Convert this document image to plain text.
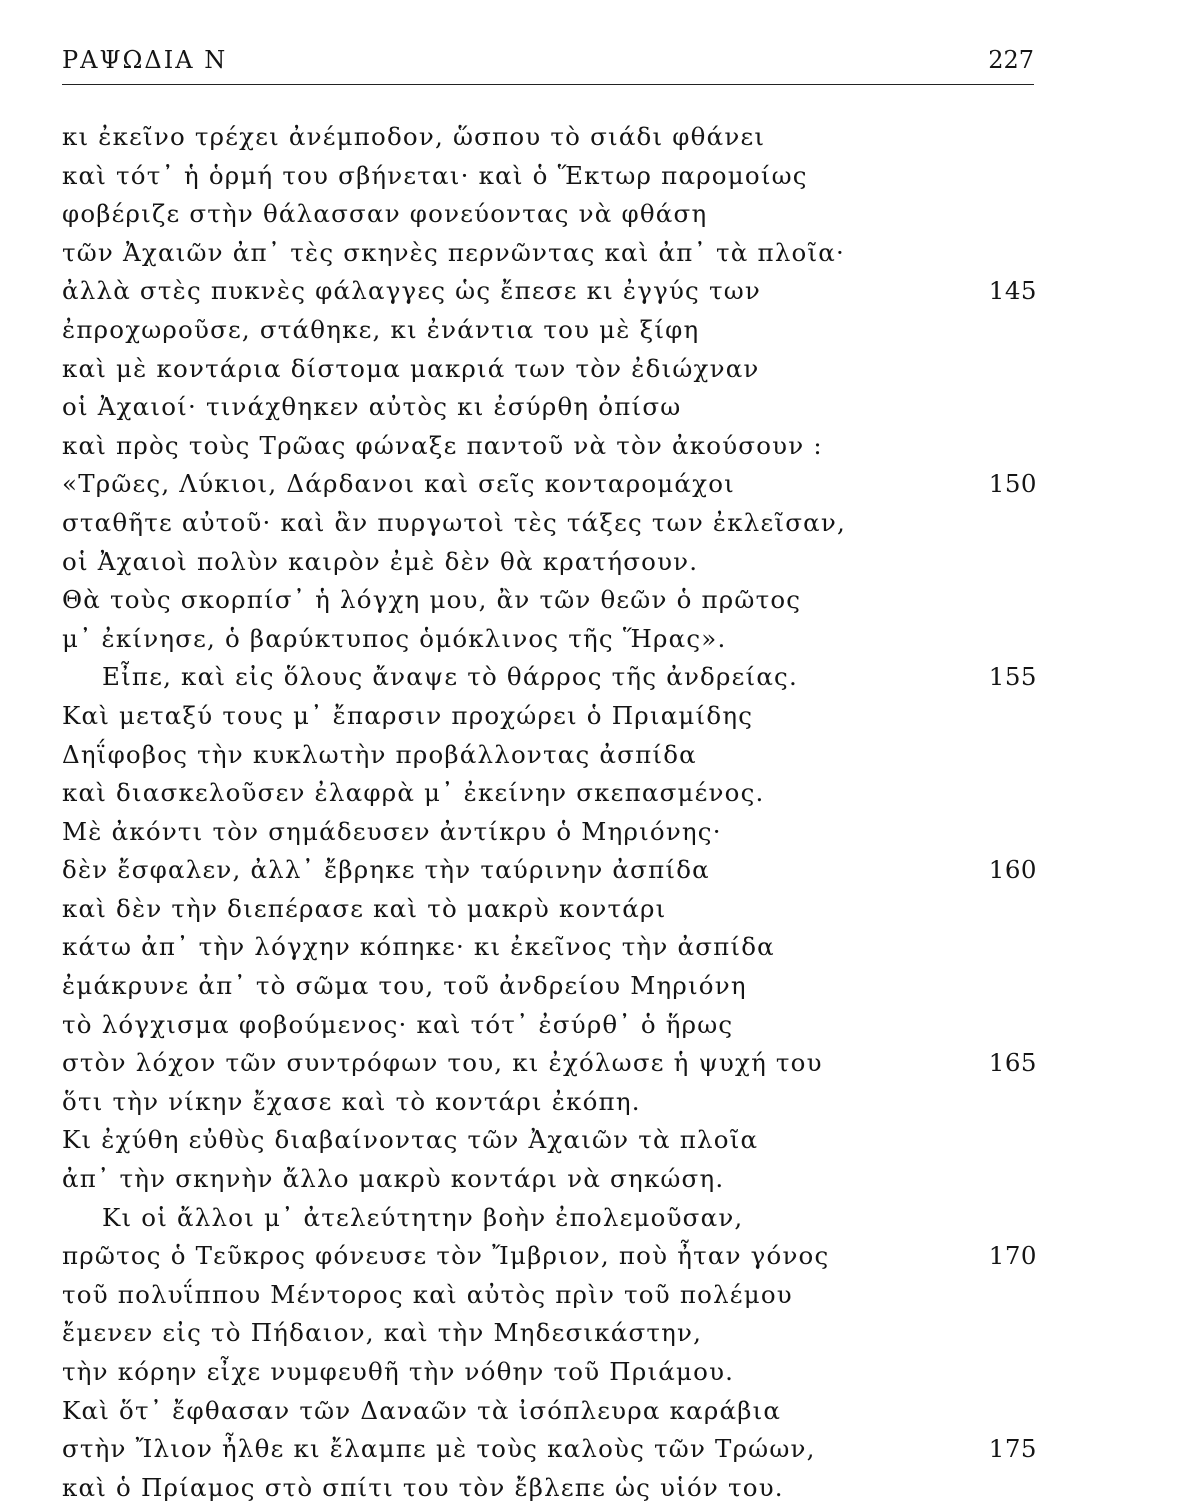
ΡΑΨΩΔΙΑ Ν	227
κι ἐκεῖνο τρέχει ἀνέμποδον, ὥσπου τὸ σιάδι φθάνει
καὶ τότ᾽ ἡ ὁρμή του σβήνεται· καὶ ὁ Ἕκτωρ παρομοίως
φοβέριζε στὴν θάλασσαν φονεύοντας νὰ φθάση
τῶν Ἀχαιῶν ἀπ᾽ τὲς σκηνὲς περνῶντας καὶ ἀπ᾽ τὰ πλοῖα·
ἀλλὰ στὲς πυκνὲς φάλαγγες ὡς ἔπεσε κι ἐγγύς των	145
ἐπροχωροῦσε, στάθηκε, κι ἐνάντια του μὲ ξίφη
καὶ μὲ κοντάρια δίστομα μακριά των τὸν ἐδιώχναν
οἱ Ἀχαιοί· τινάχθηκεν αὐτὸς κι ἐσύρθη ὀπίσω
καὶ πρὸς τοὺς Τρῶας φώναξε παντοῦ νὰ τὸν ἀκούσουν :
«Τρῶες, Λύκιοι, Δάρδανοι καὶ σεῖς κονταρομάχοι	150
σταθῆτε αὐτοῦ· καὶ ἂν πυργωτοὶ τὲς τάξες των ἐκλεῖσαν,
οἱ Ἀχαιοὶ πολὺν καιρὸν ἐμὲ δὲν θὰ κρατήσουν.
Θὰ τοὺς σκορπίσ᾽ ἡ λόγχη μου, ἂν τῶν θεῶν ὁ πρῶτος
μ᾽ ἐκίνησε, ὁ βαρύκτυπος ὁμόκλινος τῆς Ἥρας».
Εἶπε, καὶ εἰς ὅλους ἄναψε τὸ θάρρος τῆς ἀνδρείας.	155
Καὶ μεταξύ τους μ᾽ ἔπαρσιν προχώρει ὁ Πριαμίδης
Δηΐφοβος τὴν κυκλωτὴν προβάλλοντας ἀσπίδα
καὶ διασκελοῦσεν ἐλαφρὰ μ᾽ ἐκείνην σκεπασμένος.
Μὲ ἀκόντι τὸν σημάδευσεν ἀντίκρυ ὁ Μηριόνης·
δὲν ἔσφαλεν, ἀλλ᾽ ἔβρηκε τὴν ταύρινην ἀσπίδα	160
καὶ δὲν τὴν διεπέρασε καὶ τὸ μακρὺ κοντάρι
κάτω ἀπ᾽ τὴν λόγχην κόπηκε· κι ἐκεῖνος τὴν ἀσπίδα
ἐμάκρυνε ἀπ᾽ τὸ σῶμα του, τοῦ ἀνδρείου Μηριόνη
τὸ λόγχισμα φοβούμενος· καὶ τότ᾽ ἐσύρθ᾽ ὁ ἥρως
στὸν λόχον τῶν συντρόφων του, κι ἐχόλωσε ἡ ψυχή του	165
ὅτι τὴν νίκην ἔχασε καὶ τὸ κοντάρι ἐκόπη.
Κι ἐχύθη εὐθὺς διαβαίνοντας τῶν Ἀχαιῶν τὰ πλοῖα
ἀπ᾽ τὴν σκηνὴν ἄλλο μακρὺ κοντάρι νὰ σηκώση.
Κι οἱ ἄλλοι μ᾽ ἀτελεύτητην βοὴν ἐπολεμοῦσαν,
πρῶτος ὁ Τεῦκρος φόνευσε τὸν Ἴμβριον, ποὺ ἦταν γόνος	170
τοῦ πολυΐππου Μέντορος καὶ αὐτὸς πρὶν τοῦ πολέμου
ἔμενεν εἰς τὸ Πήδαιον, καὶ τὴν Μηδεσικάστην,
τὴν κόρην εἶχε νυμφευθῆ τὴν νόθην τοῦ Πριάμου.
Καὶ ὅτ᾽ ἔφθασαν τῶν Δαναῶν τὰ ἰσόπλευρα καράβια
στὴν Ἴλιον ἦλθε κι ἔλαμπε μὲ τοὺς καλοὺς τῶν Τρώων,	175
καὶ ὁ Πρίαμος στὸ σπίτι του τὸν ἔβλεπε ὡς υἱόν του.
